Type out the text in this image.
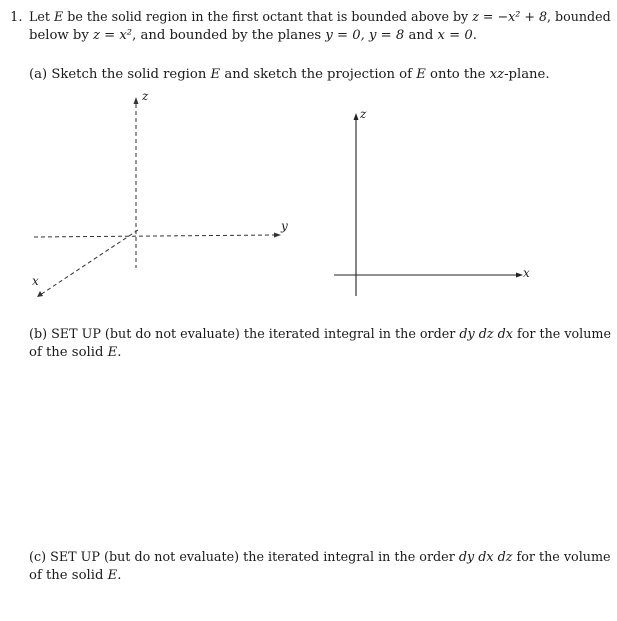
1. Let E be the solid region in the first octant that is bounded above by z = −x² + 8, bounded
below by z = x², and bounded by the planes y = 0, y = 8 and x = 0.
(a) Sketch the solid region E and sketch the projection of E onto the xz-plane.
z
y
x
z
x
(b) SET UP (but do not evaluate) the iterated integral in the order dy dz dx for the volume
of the solid E.
(c) SET UP (but do not evaluate) the iterated integral in the order dy dx dz for the volume
of the solid E.
